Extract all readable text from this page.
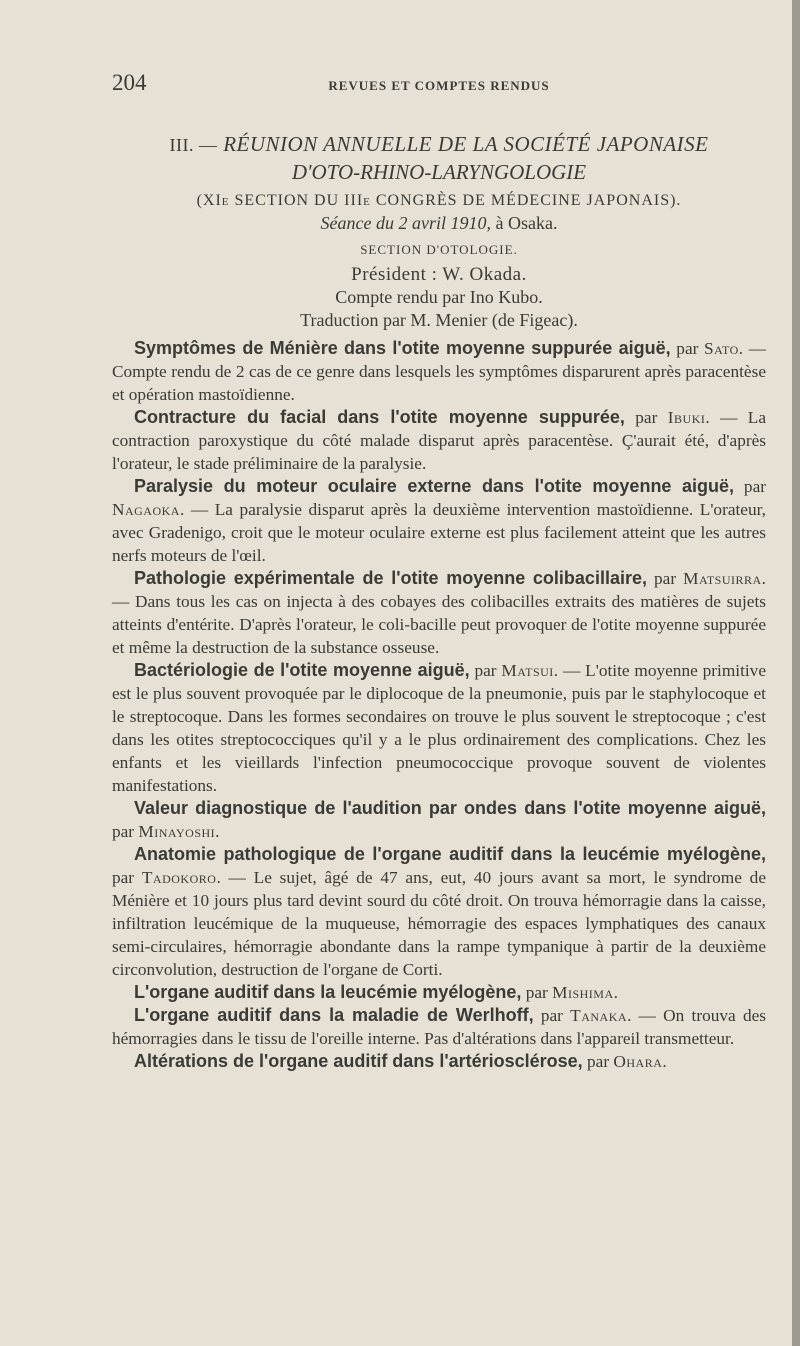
204	REVUES ET COMPTES RENDUS
III. — RÉUNION ANNUELLE DE LA SOCIÉTÉ JAPONAISE
D'OTO-RHINO-LARYNGOLOGIE
(XIe SECTION DU IIIe CONGRÈS DE MÉDECINE JAPONAIS).
Séance du 2 avril 1910, à Osaka.
SECTION D'OTOLOGIE.
Président : W. Okada.
Compte rendu par Ino Kubo.
Traduction par M. Menier (de Figeac).

Symptômes de Ménière dans l'otite moyenne suppurée aiguë, par Sato. — Compte rendu de 2 cas de ce genre dans lesquels les symptômes disparurent après paracentèse et opération mastoïdienne.

Contracture du facial dans l'otite moyenne suppurée, par Ibuki. — La contraction paroxystique du côté malade disparut après paracentèse. Ç'aurait été, d'après l'orateur, le stade préliminaire de la paralysie.

Paralysie du moteur oculaire externe dans l'otite moyenne aiguë, par Nagaoka. — La paralysie disparut après la deuxième intervention mastoïdienne. L'orateur, avec Gradenigo, croit que le moteur oculaire externe est plus facilement atteint que les autres nerfs moteurs de l'œil.

Pathologie expérimentale de l'otite moyenne colibacillaire, par Matsuirra. — Dans tous les cas on injecta à des cobayes des colibacilles extraits des matières de sujets atteints d'entérite. D'après l'orateur, le coli-bacille peut provoquer de l'otite moyenne suppurée et même la destruction de la substance osseuse.

Bactériologie de l'otite moyenne aiguë, par Matsui. — L'otite moyenne primitive est le plus souvent provoquée par le diplocoque de la pneumonie, puis par le staphylocoque et le streptocoque. Dans les formes secondaires on trouve le plus souvent le streptocoque ; c'est dans les otites streptococciques qu'il y a le plus ordinairement des complications. Chez les enfants et les vieillards l'infection pneumococcique provoque souvent de violentes manifestations.

Valeur diagnostique de l'audition par ondes dans l'otite moyenne aiguë, par Minayoshi.

Anatomie pathologique de l'organe auditif dans la leucémie myélogène, par Tadokoro. — Le sujet, âgé de 47 ans, eut, 40 jours avant sa mort, le syndrome de Ménière et 10 jours plus tard devint sourd du côté droit. On trouva hémorragie dans la caisse, infiltration leucémique de la muqueuse, hémorragie des espaces lymphatiques des canaux semi-circulaires, hémorragie abondante dans la rampe tympanique à partir de la deuxième circonvolution, destruction de l'organe de Corti.

L'organe auditif dans la leucémie myélogène, par Mishima.

L'organe auditif dans la maladie de Werlhoff, par Tanaka. — On trouva des hémorragies dans le tissu de l'oreille interne. Pas d'altérations dans l'appareil transmetteur.

Altérations de l'organe auditif dans l'artériosclérose, par Ohara.
